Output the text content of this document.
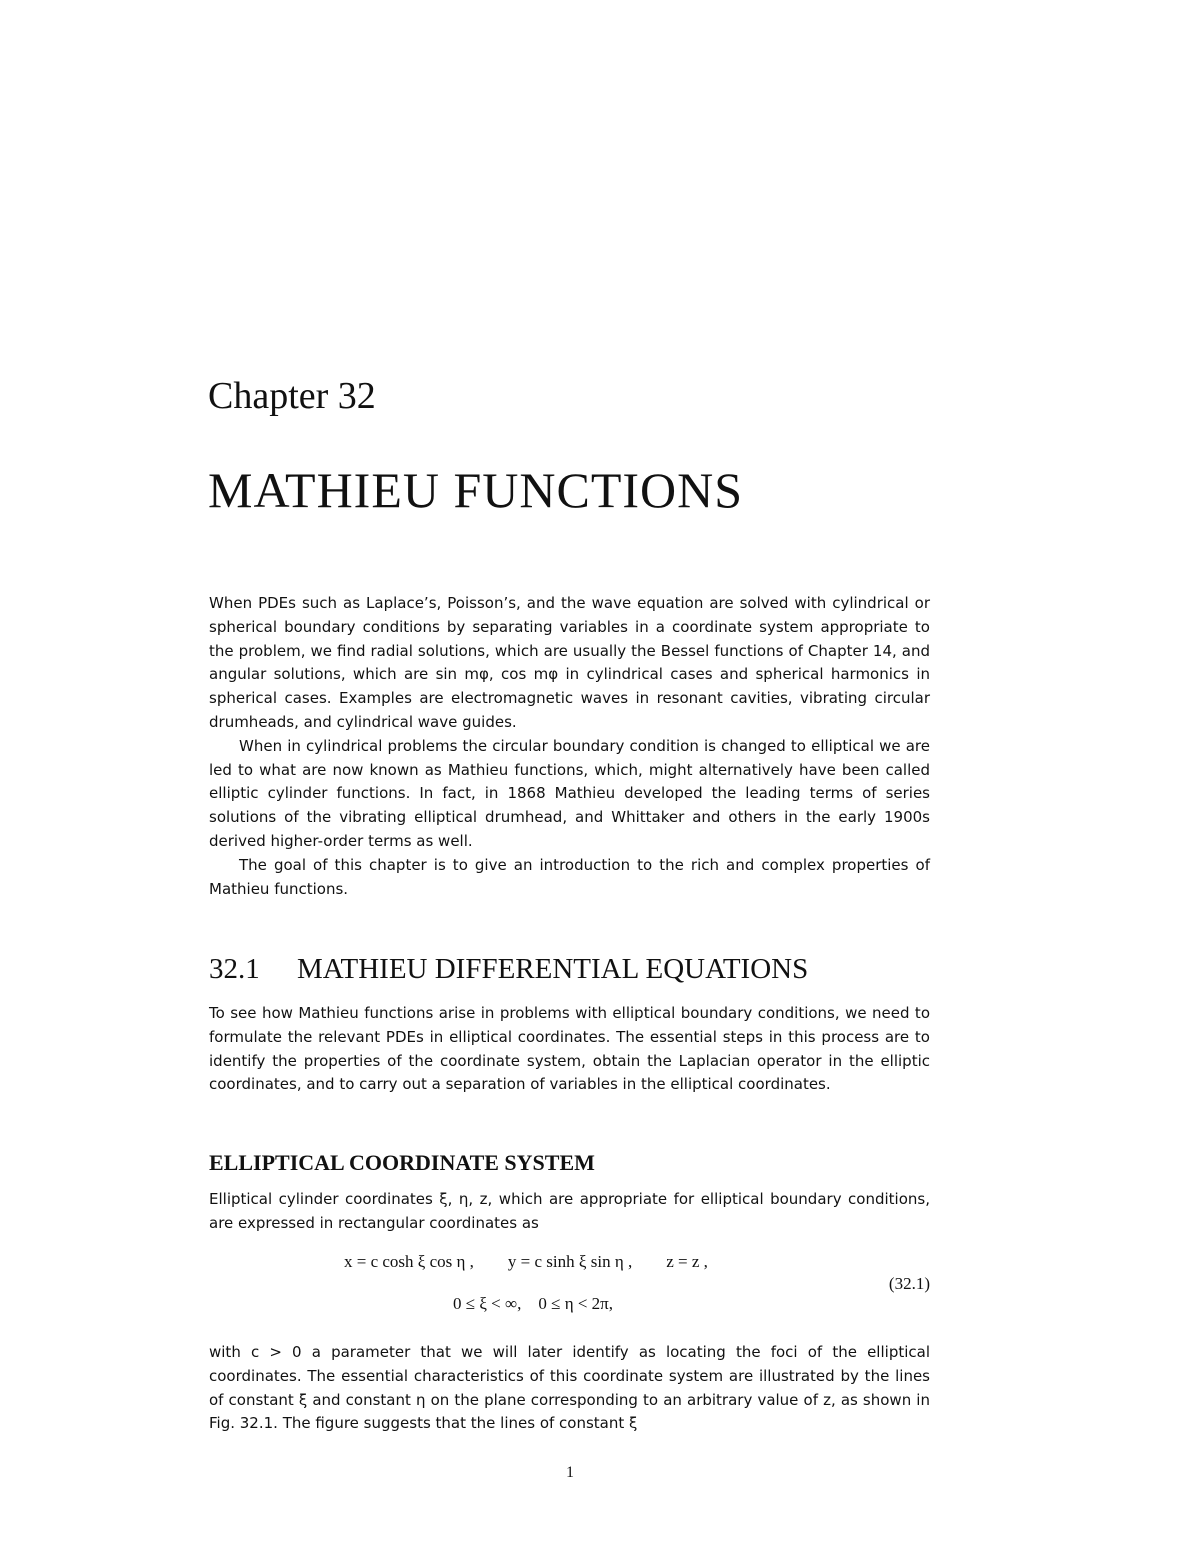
Chapter 32
MATHIEU FUNCTIONS

When PDEs such as Laplace’s, Poisson’s, and the wave equation are solved with cylindrical or spherical boundary conditions by separating variables in a coordinate system appropriate to the problem, we find radial solutions, which are usually the Bessel functions of Chapter 14, and angular solutions, which are sin mφ, cos mφ in cylindrical cases and spherical harmonics in spherical cases. Examples are electromagnetic waves in resonant cavities, vibrating circular drumheads, and cylindrical wave guides.

When in cylindrical problems the circular boundary condition is changed to elliptical we are led to what are now known as Mathieu functions, which, might alternatively have been called elliptic cylinder functions. In fact, in 1868 Mathieu developed the leading terms of series solutions of the vibrating elliptical drumhead, and Whittaker and others in the early 1900s derived higher-order terms as well.

The goal of this chapter is to give an introduction to the rich and complex properties of Mathieu functions.

32.1 MATHIEU DIFFERENTIAL EQUATIONS

To see how Mathieu functions arise in problems with elliptical boundary conditions, we need to formulate the relevant PDEs in elliptical coordinates. The essential steps in this process are to identify the properties of the coordinate system, obtain the Laplacian operator in the elliptic coordinates, and to carry out a separation of variables in the elliptical coordinates.

ELLIPTICAL COORDINATE SYSTEM

Elliptical cylinder coordinates ξ, η, z, which are appropriate for elliptical boundary conditions, are expressed in rectangular coordinates as

x = c cosh ξ cos η ,        y = c sinh ξ sin η ,        z = z ,
0 ≤ ξ < ∞,    0 ≤ η < 2π,
(32.1)

with c > 0 a parameter that we will later identify as locating the foci of the elliptical coordinates. The essential characteristics of this coordinate system are illustrated by the lines of constant ξ and constant η on the plane corresponding to an arbitrary value of z, as shown in Fig. 32.1. The figure suggests that the lines of constant ξ

1
